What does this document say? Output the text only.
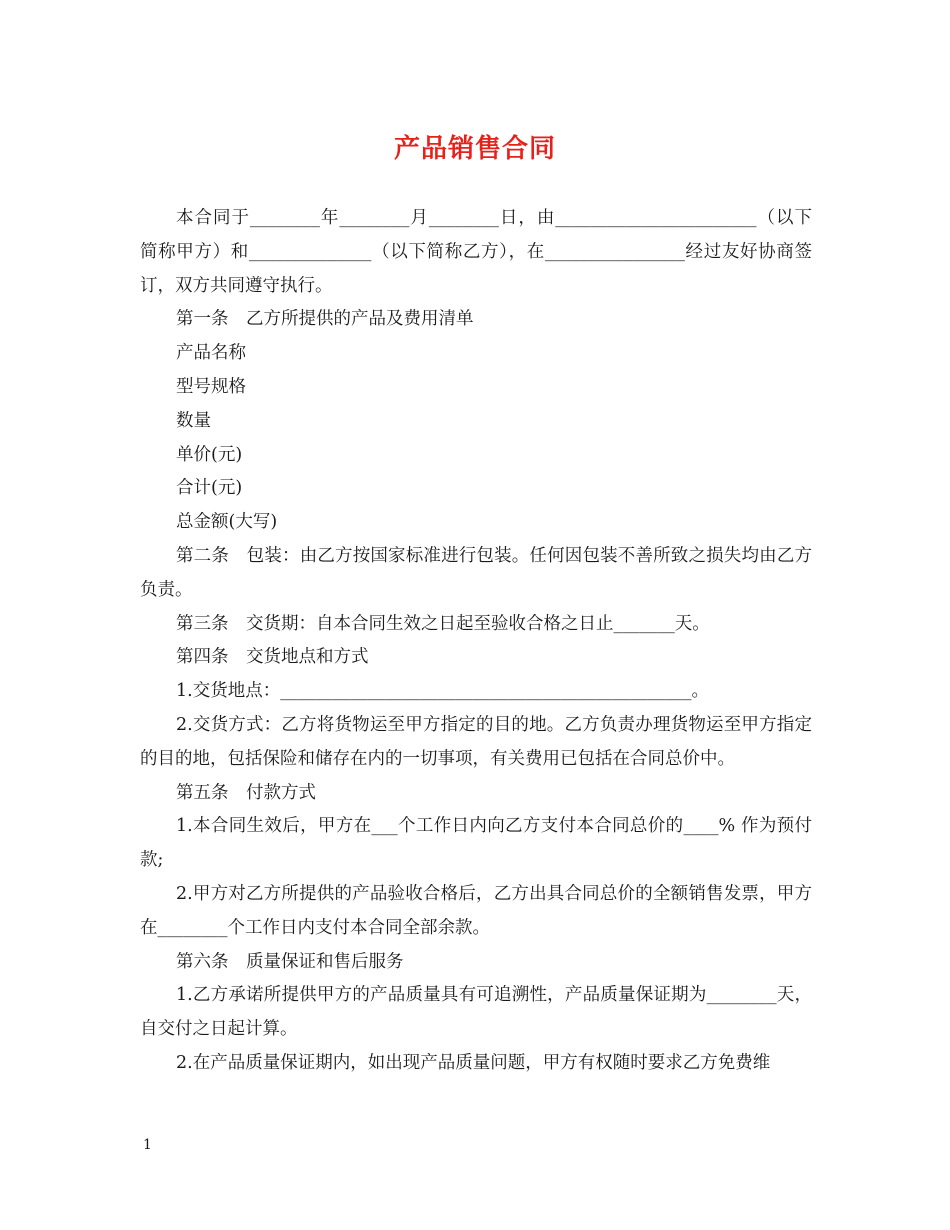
产品销售合同

本合同于________年________月________日，由_______________________（以下简称甲方）和______________（以下简称乙方），在________________经过友好协商签订，双方共同遵守执行。

第一条　乙方所提供的产品及费用清单

产品名称

型号规格

数量

单价(元)

合计(元)

总金额(大写)

第二条　包装：由乙方按国家标准进行包装。任何因包装不善所致之损失均由乙方负责。

第三条　交货期：自本合同生效之日起至验收合格之日止_______天。

第四条　交货地点和方式

1.交货地点：_______________________________________________。

2.交货方式：乙方将货物运至甲方指定的目的地。乙方负责办理货物运至甲方指定的目的地，包括保险和储存在内的一切事项，有关费用已包括在合同总价中。

第五条　付款方式

1.本合同生效后，甲方在___个工作日内向乙方支付本合同总价的____% 作为预付款;

2.甲方对乙方所提供的产品验收合格后，乙方出具合同总价的全额销售发票，甲方在________个工作日内支付本合同全部余款。

第六条　质量保证和售后服务

1.乙方承诺所提供甲方的产品质量具有可追溯性，产品质量保证期为________天，自交付之日起计算。

2.在产品质量保证期内，如出现产品质量问题，甲方有权随时要求乙方免费维

1
